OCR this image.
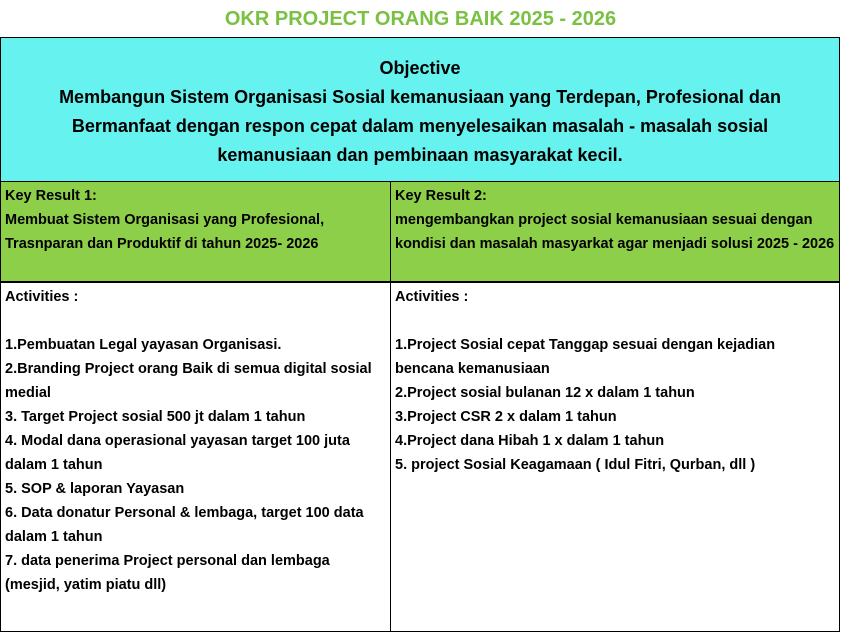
OKR PROJECT ORANG BAIK 2025 - 2026
Objective
Membangun Sistem Organisasi Sosial kemanusiaan yang Terdepan, Profesional dan Bermanfaat dengan respon cepat dalam menyelesaikan masalah - masalah sosial kemanusiaan dan pembinaan masyarakat kecil.
Key Result 1:
Membuat Sistem Organisasi yang Profesional, Trasnparan dan Produktif di tahun 2025- 2026
Key Result 2:
mengembangkan project sosial kemanusiaan sesuai dengan kondisi dan masalah masyarkat agar menjadi solusi 2025 - 2026
Activities :
1.Pembuatan Legal yayasan Organisasi.
2.Branding Project orang Baik di semua digital sosial medial
3. Target Project sosial 500 jt dalam 1 tahun
4. Modal dana operasional yayasan target 100 juta dalam 1 tahun
5. SOP & laporan Yayasan
6. Data donatur Personal & lembaga, target 100 data dalam 1 tahun
7. data penerima Project personal dan lembaga (mesjid, yatim piatu dll)
Activities :
1.Project Sosial cepat Tanggap sesuai dengan kejadian bencana kemanusiaan
2.Project sosial bulanan 12 x dalam 1 tahun
3.Project CSR 2 x dalam 1 tahun
4.Project dana Hibah 1 x dalam 1 tahun
5. project Sosial Keagamaan ( Idul Fitri, Qurban, dll )
